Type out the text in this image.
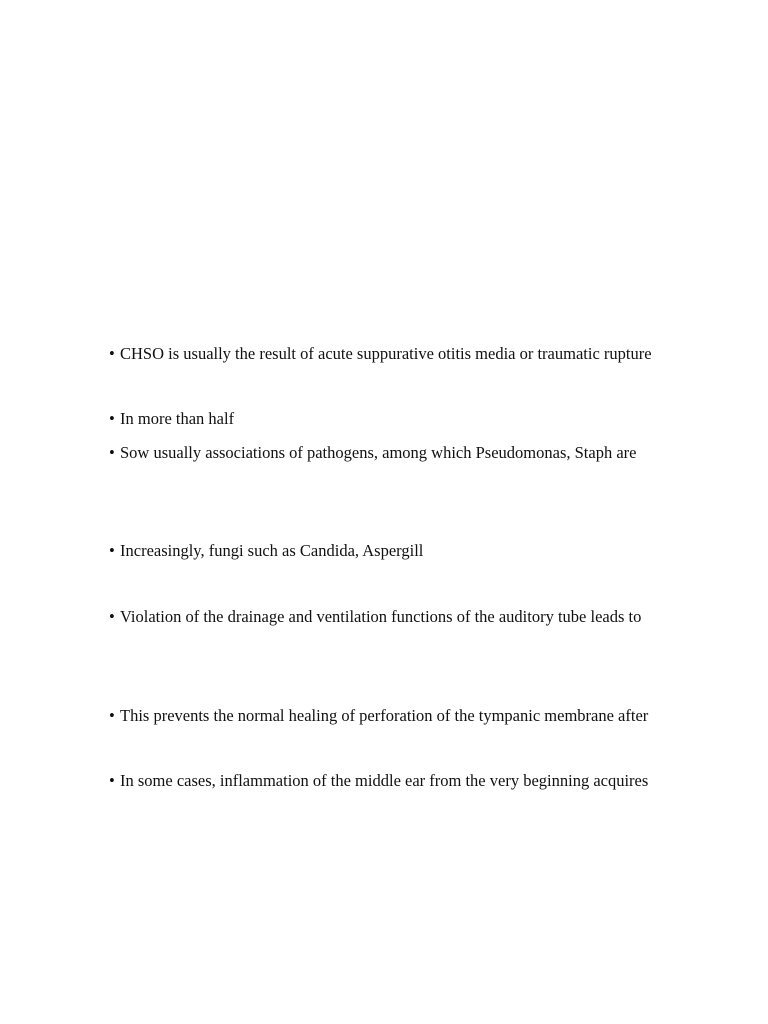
• CHSO is usually the result of acute suppurative otitis media or traumatic rupture
• In more than half
• Sow usually associations of pathogens, among which Pseudomonas, Staph are
• Increasingly, fungi such as Candida, Aspergill
• Violation of the drainage and ventilation functions of the auditory tube leads to
• This prevents the normal healing of perforation of the tympanic membrane after
• In some cases, inflammation of the middle ear from the very beginning acquires
